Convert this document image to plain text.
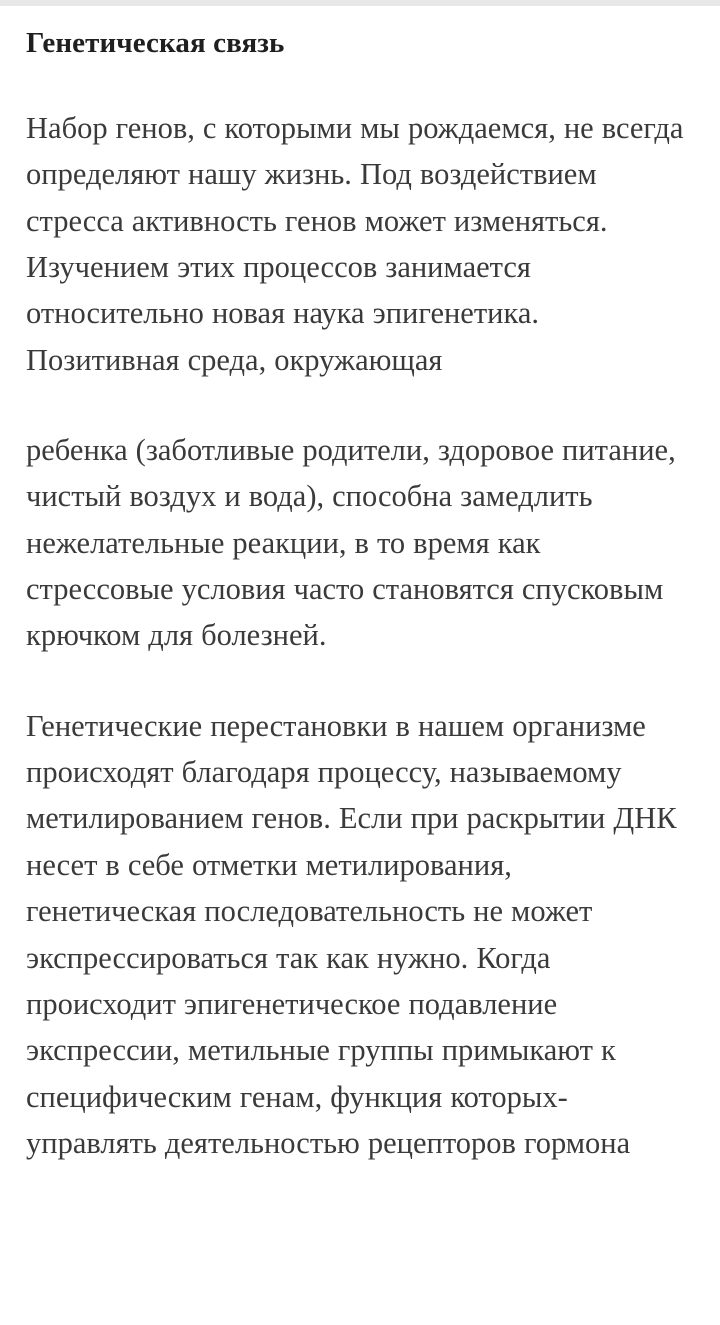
Генетическая связь

Набор генов, с которыми мы рождаемся, не всегда определяют нашу жизнь. Под воздействием стресса активность генов может изменяться. Изучением этих процессов занимается относительно новая наука эпигенетика. Позитивная среда, окружающая

ребенка (заботливые родители, здоровое питание, чистый воздух и вода), способна замедлить нежелательные реакции, в то время как стрессовые условия часто становятся спусковым крючком для болезней.

Генетические перестановки в нашем организме происходят благодаря процессу, называемому метилированием генов. Если при раскрытии ДНК несет в себе отметки метилирования, генетическая последовательность не может экспрессироваться так как нужно. Когда происходит эпигенетическое подавление экспрессии, метильные группы примыкают к специфическим генам, функция которых- управлять деятельностью рецепторов гормона
